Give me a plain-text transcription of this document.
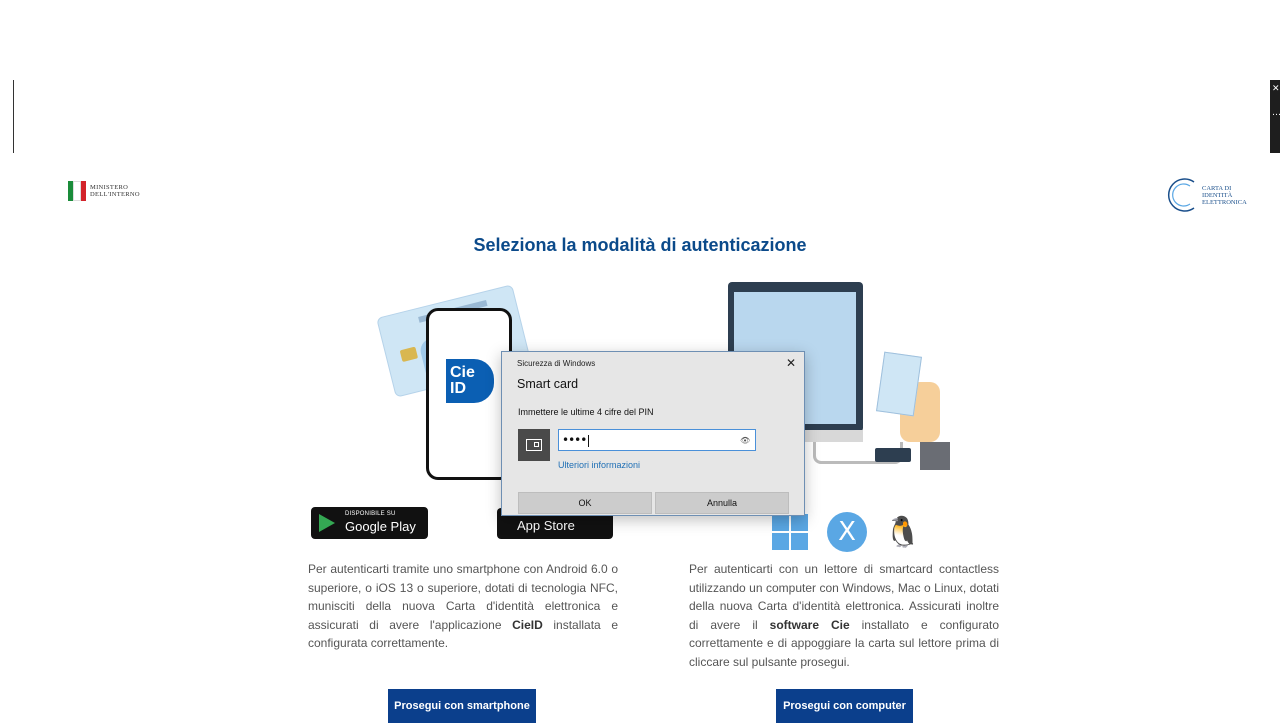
✕
…
MINISTERO DELL'INTERNO
CARTA DI IDENTITÀ ELETTRONICA
Seleziona la modalità di autenticazione
Cie ID
DISPONIBILE SU
Google Play	App Store	X 🐧

Per autenticarti tramite uno smartphone con Android 6.0 o superiore, o iOS 13 o superiore, dotati di tecnologia NFC, munisciti della nuova Carta d'identità elettronica e assicurati di avere l'applicazione CieID installata e configurata correttamente.

Per autenticarti con un lettore di smartcard contactless utilizzando un computer con Windows, Mac o Linux, dotati della nuova Carta d'identità elettronica. Assicurati inoltre di avere il software Cie installato e configurato correttamente e di appoggiare la carta sul lettore prima di cliccare sul pulsante prosegui.

Prosegui con smartphone	Prosegui con computer
Sicurezza di Windows	✕
Smart card
Immettere le ultime 4 cifre del PIN
••••	👁
Ulteriori informazioni
OK	Annulla
